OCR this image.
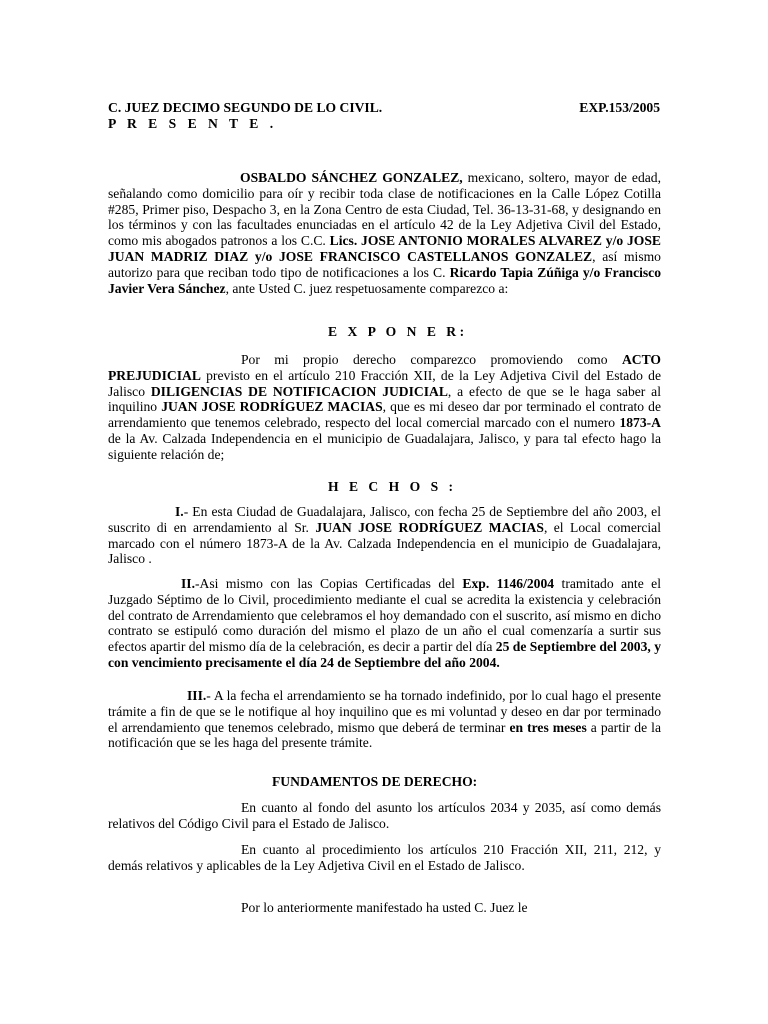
C. JUEZ DECIMO SEGUNDO DE LO CIVIL.	EXP.153/2005
P R E S E N T E .

OSBALDO SÁNCHEZ GONZALEZ, mexicano, soltero, mayor de edad, señalando como domicilio para oír y recibir toda clase de notificaciones en la Calle López Cotilla #285, Primer piso, Despacho 3, en la Zona Centro de esta Ciudad, Tel. 36-13-31-68, y designando en los términos y con las facultades enunciadas en el artículo 42 de la Ley Adjetiva Civil del Estado, como mis abogados patronos a los C.C. Lics. JOSE ANTONIO MORALES ALVAREZ y/o JOSE JUAN MADRIZ DIAZ y/o JOSE FRANCISCO CASTELLANOS GONZALEZ, así mismo autorizo para que reciban todo tipo de notificaciones a los C. Ricardo Tapia Zúñiga y/o Francisco Javier Vera Sánchez, ante Usted C. juez respetuosamente comparezco a:

E X P O N E R:

Por mi propio derecho comparezco promoviendo como ACTO PREJUDICIAL previsto en el artículo 210 Fracción XII, de la Ley Adjetiva Civil del Estado de Jalisco DILIGENCIAS DE NOTIFICACION JUDICIAL, a efecto de que se le haga saber al inquilino JUAN JOSE RODRÍGUEZ MACIAS, que es mi deseo dar por terminado el contrato de arrendamiento que tenemos celebrado, respecto del local comercial marcado con el numero 1873-A de la Av. Calzada Independencia en el municipio de Guadalajara, Jalisco, y para tal efecto hago la siguiente relación de;

H E C H O S :

I.- En esta Ciudad de Guadalajara, Jalisco, con fecha 25 de Septiembre del año 2003, el suscrito di en arrendamiento al Sr. JUAN JOSE RODRÍGUEZ MACIAS, el Local comercial marcado con el número 1873-A de la Av. Calzada Independencia en el municipio de Guadalajara, Jalisco .

II.-Asi mismo con las Copias Certificadas del Exp. 1146/2004 tramitado ante el Juzgado Séptimo de lo Civil, procedimiento mediante el cual se acredita la existencia y celebración del contrato de Arrendamiento que celebramos el hoy demandado con el suscrito, así mismo en dicho contrato se estipuló como duración del mismo el plazo de un año el cual comenzaría a surtir sus efectos apartir del mismo día de la celebración, es decir a partir del día 25 de Septiembre del 2003, y con vencimiento precisamente el día 24 de Septiembre del año 2004.

III.- A la fecha el arrendamiento se ha tornado indefinido, por lo cual hago el presente trámite a fin de que se le notifique al hoy inquilino que es mi voluntad y deseo en dar por terminado el arrendamiento que tenemos celebrado, mismo que deberá de terminar en tres meses a partir de la notificación que se les haga del presente trámite.

FUNDAMENTOS DE DERECHO:

En cuanto al fondo del asunto los artículos 2034 y 2035, así como demás relativos del Código Civil para el Estado de Jalisco.

En cuanto al procedimiento los artículos 210 Fracción XII, 211, 212, y demás relativos y aplicables de la Ley Adjetiva Civil en el Estado de Jalisco.

Por lo anteriormente manifestado ha usted C. Juez le
